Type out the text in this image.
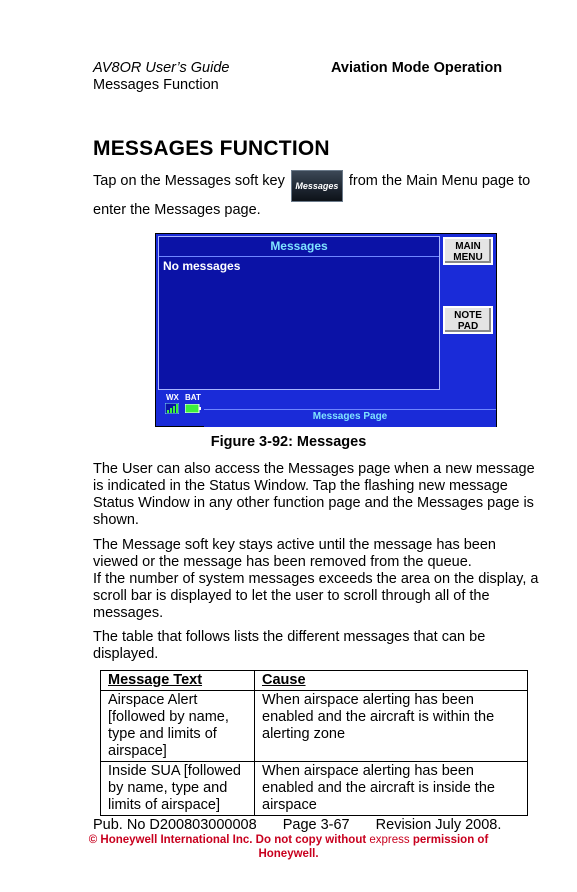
AV8OR User’s Guide
Messages Function
Aviation Mode Operation
MESSAGES FUNCTION
Tap on the Messages soft key Messages from the Main Menu page to
enter the Messages page.
Messages
No messages
MAIN
MENU
NOTE
PAD
WX BAT
Messages Page
Figure 3-92: Messages
The User can also access the Messages page when a new message is indicated in the Status Window. Tap the flashing new message Status Window in any other function page and the Messages page is shown.
The Message soft key stays active until the message has been viewed or the message has been removed from the queue.
If the number of system messages exceeds the area on the display, a scroll bar is displayed to let the user to scroll through all of the messages.
The table that follows lists the different messages that can be displayed.
Message Text	Cause
Airspace Alert [followed by name, type and limits of airspace]	When airspace alerting has been enabled and the aircraft is within the alerting zone
Inside SUA [followed by name, type and limits of airspace]	When airspace alerting has been enabled and the aircraft is inside the airspace
Pub. No D200803000008 Page 3-67 Revision July 2008.
© Honeywell International Inc. Do not copy without express permission of
Honeywell.
